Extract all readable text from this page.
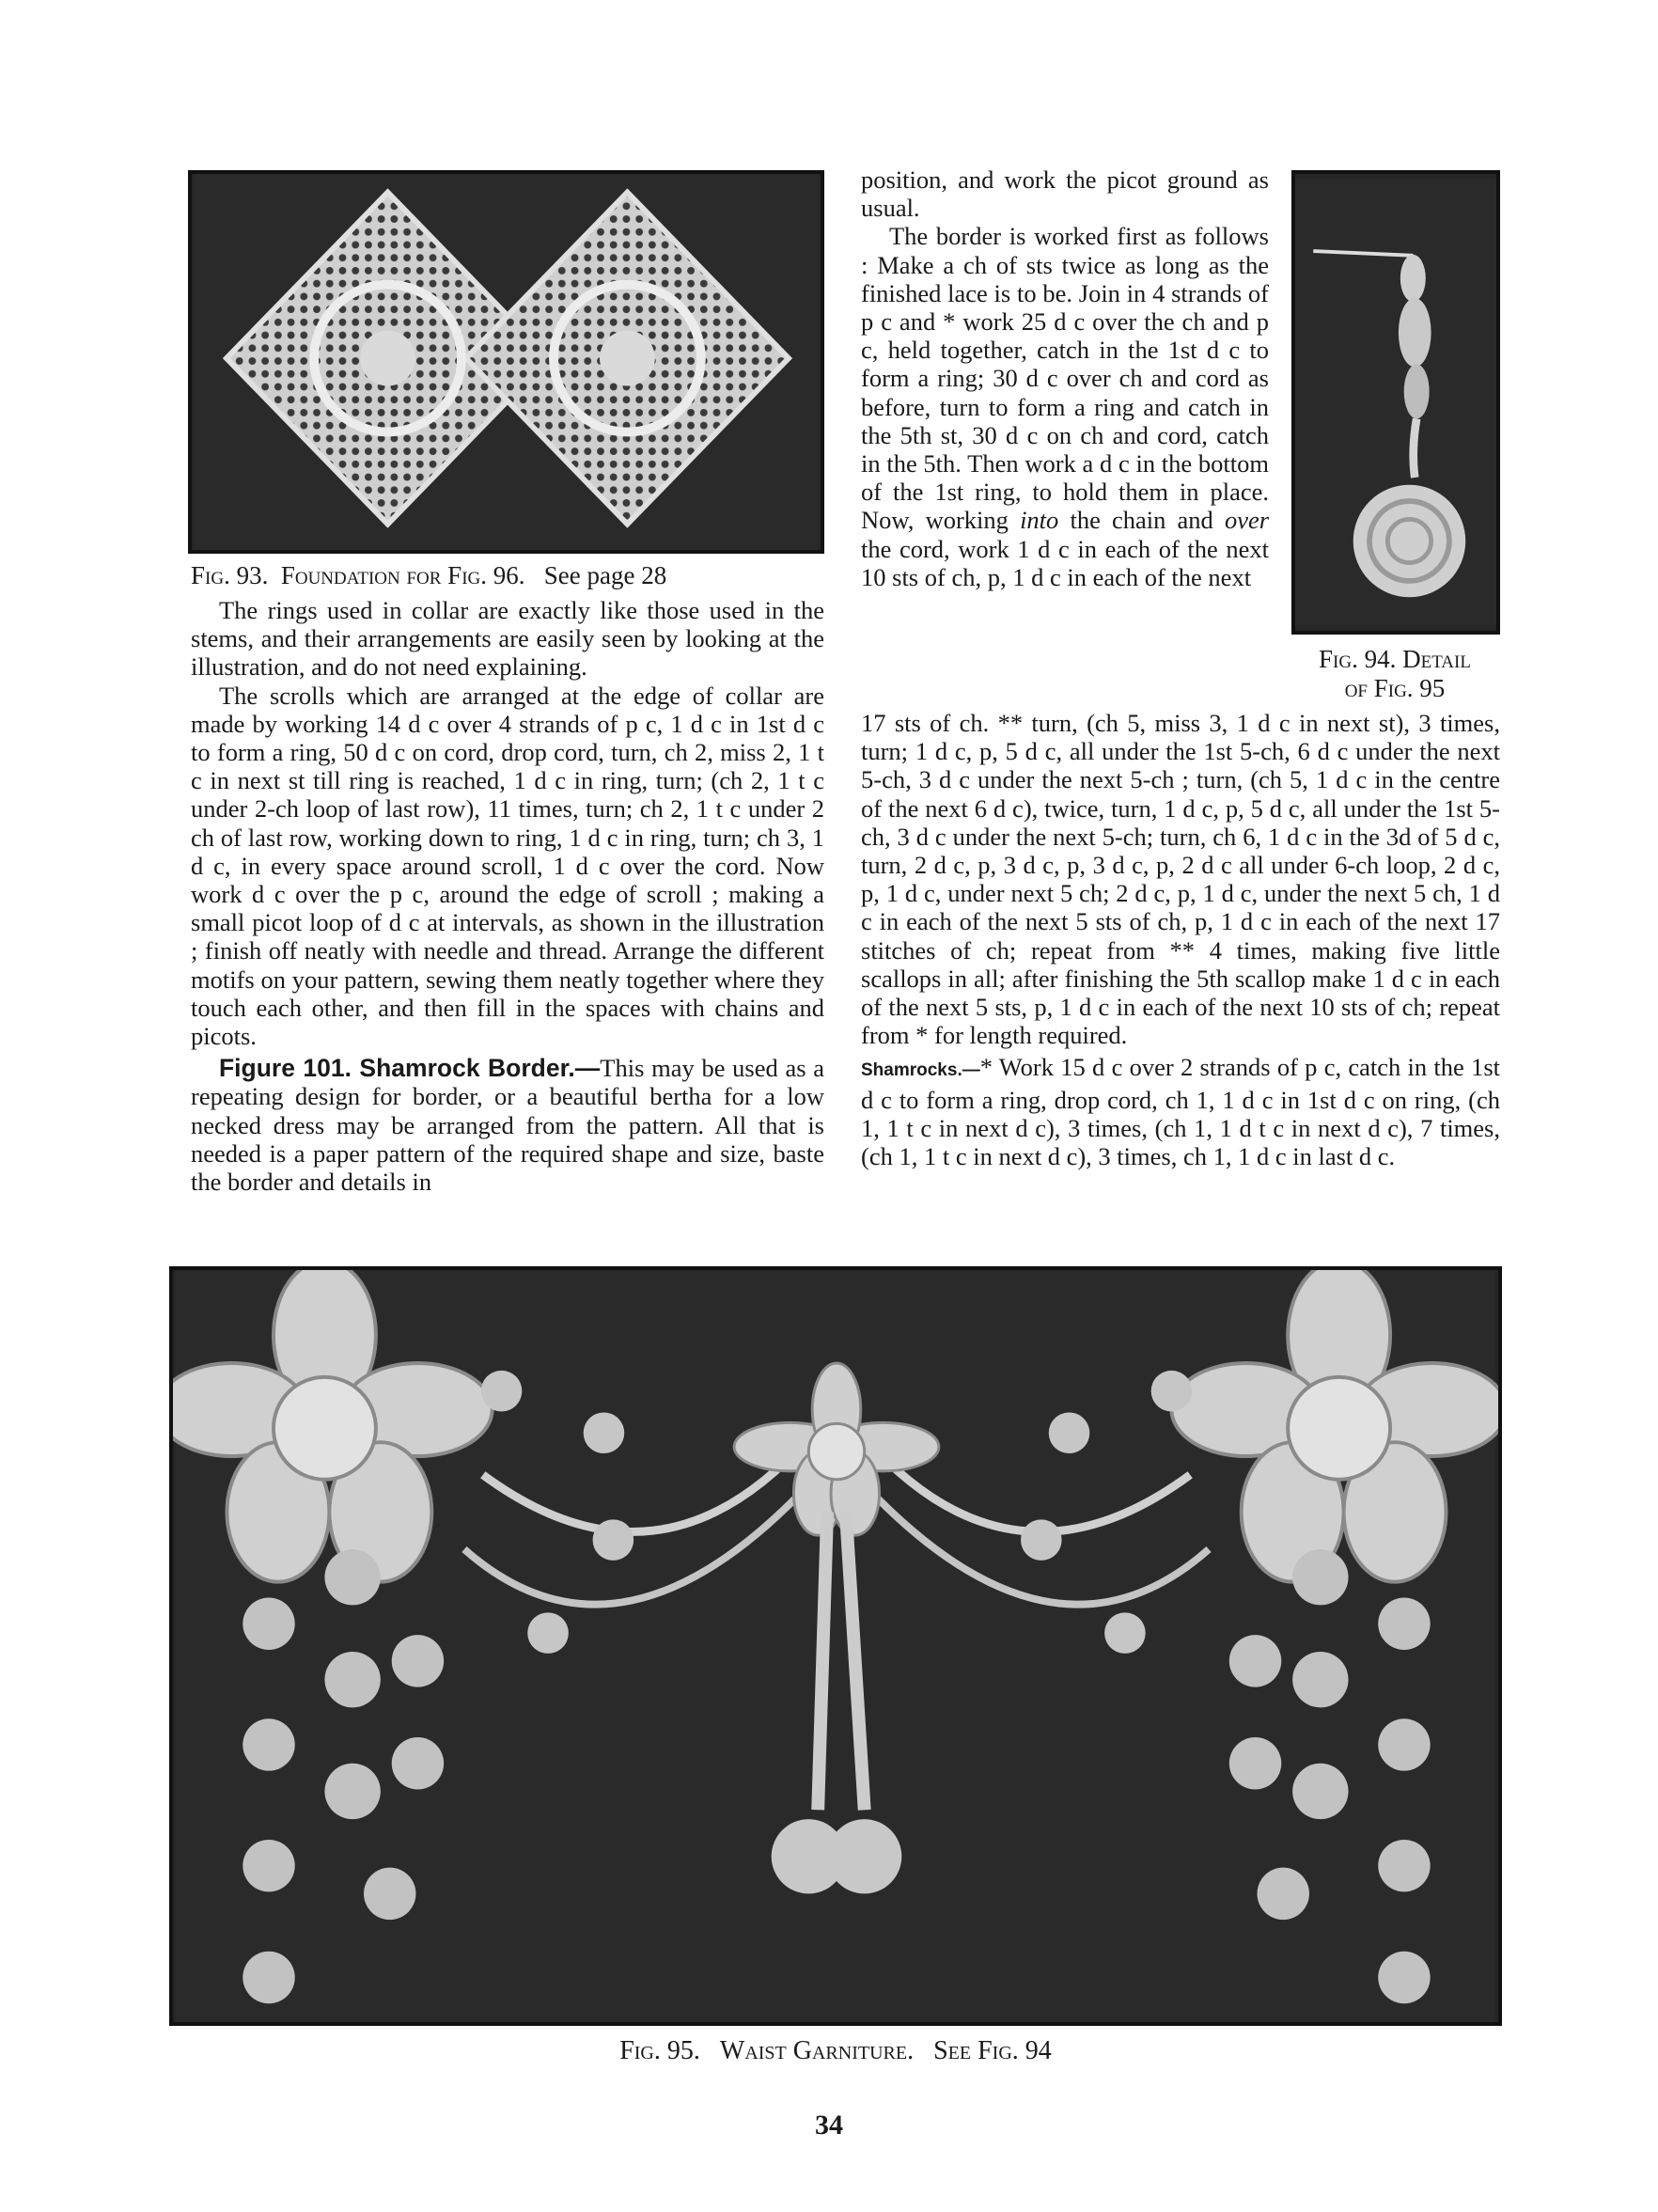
Fig. 93. Foundation for Fig. 96. See page 28

The rings used in collar are exactly like those used in the stems, and their arrangements are easily seen by looking at the illustration, and do not need explaining.

The scrolls which are arranged at the edge of collar are made by working 14 d c over 4 strands of p c, 1 d c in 1st d c to form a ring, 50 d c on cord, drop cord, turn, ch 2, miss 2, 1 t c in next st till ring is reached, 1 d c in ring, turn; (ch 2, 1 t c under 2-ch loop of last row), 11 times, turn; ch 2, 1 t c under 2 ch of last row, working down to ring, 1 d c in ring, turn; ch 3, 1 d c, in every space around scroll, 1 d c over the cord. Now work d c over the p c, around the edge of scroll ; making a small picot loop of d c at intervals, as shown in the illustration ; finish off neatly with needle and thread. Arrange the different motifs on your pattern, sewing them neatly together where they touch each other, and then fill in the spaces with chains and picots.

Figure 101. Shamrock Border.—This may be used as a repeating design for border, or a beautiful bertha for a low necked dress may be arranged from the pattern. All that is needed is a paper pattern of the required shape and size, baste the border and details in

position, and work the picot ground as usual.

The border is worked first as follows : Make a ch of sts twice as long as the finished lace is to be. Join in 4 strands of p c and * work 25 d c over the ch and p c, held together, catch in the 1st d c to form a ring; 30 d c over ch and cord as before, turn to form a ring and catch in the 5th st, 30 d c on ch and cord, catch in the 5th. Then work a d c in the bottom of the 1st ring, to hold them in place. Now, working into the chain and over the cord, work 1 d c in each of the next 10 sts of ch, p, 1 d c in each of the next

Fig. 94. Detail
of Fig. 95

17 sts of ch. ** turn, (ch 5, miss 3, 1 d c in next st), 3 times, turn; 1 d c, p, 5 d c, all under the 1st 5-ch, 6 d c under the next 5-ch, 3 d c under the next 5-ch ; turn, (ch 5, 1 d c in the centre of the next 6 d c), twice, turn, 1 d c, p, 5 d c, all under the 1st 5-ch, 3 d c under the next 5-ch; turn, ch 6, 1 d c in the 3d of 5 d c, turn, 2 d c, p, 3 d c, p, 3 d c, p, 2 d c all under 6-ch loop, 2 d c, p, 1 d c, under next 5 ch; 2 d c, p, 1 d c, under the next 5 ch, 1 d c in each of the next 5 sts of ch, p, 1 d c in each of the next 17 stitches of ch; repeat from ** 4 times, making five little scallops in all; after finishing the 5th scallop make 1 d c in each of the next 5 sts, p, 1 d c in each of the next 10 sts of ch; repeat from * for length required.

Shamrocks.—* Work 15 d c over 2 strands of p c, catch in the 1st d c to form a ring, drop cord, ch 1, 1 d c in 1st d c on ring, (ch 1, 1 t c in next d c), 3 times, (ch 1, 1 d t c in next d c), 7 times, (ch 1, 1 t c in next d c), 3 times, ch 1, 1 d c in last d c.

Fig. 95. Waist Garniture. See Fig. 94
34
